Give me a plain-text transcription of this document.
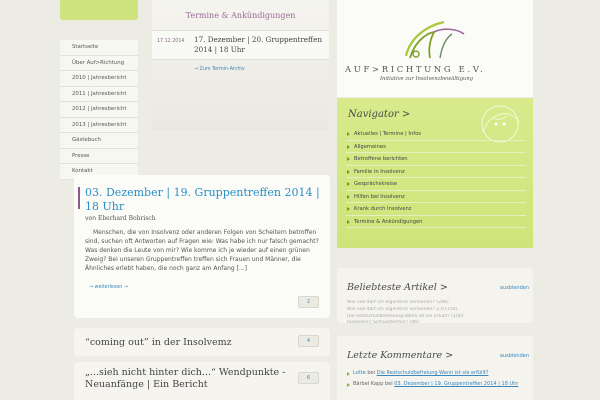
Startseite
Über Auf>Richtung
2010 | Jahresbericht
2011 | Jahresbericht
2012 | Jahresbericht
2013 | Jahresbericht
Gästebuch
Presse
Kontakt
Termine & Ankündigungen
17.12.2014 17. Dezember | 20. Gruppentreffen 2014 | 18 Uhr
→ Zum Termin-Archiv
03. Dezember | 19. Gruppentreffen 2014 | 18 Uhr
von Eberhard Bohrisch

Menschen, die von Insolvenz oder anderen Folgen von Scheitern betroffen sind, suchen oft Antworten auf Fragen wie: Was habe ich nur falsch gemacht? Was denken die Leute von mir? Wie komme ich je wieder auf einen grünen Zweig? Bei unseren Gruppentreffen treffen sich Frauen und Männer, die Ähnliches erlebt haben, die noch ganz am Anfang [...]

→ weiterlesen →
2
“coming out” in der Insolvemz	4
„...sieh nicht hinter dich...“ Wendpunkte - Neuanfänge | Ein Bericht
6
AUF>RICHTUNG E.V.
Initiative zur Insolvenzbewältigung
Navigator >
Aktuelles | Termine | Infos
Allgemeines
Betroffene berichten
Familie in Insolvenz
Gesprächskreise
Hilfen bei Insolvenz
Krank durch Insolvenz
Termine & Ankündigungen
Beliebteste Artikel >	ausblenden
Wie viel darf ich eigentlich verdienen? (286)
Wie viel darf ich eigentlich verdienen? 2.0 (150)
Die Restschuldbefreiung-Wann ist sie erfüllt? (100)
Insolvenz | Schlusstermin? (96)
Letzte Kommentare >	ausblenden
Lotte bei Die Restschuldbefreiung-Wann ist sie erfüllt?
Bärbel Kapp bei 03. Dezember | 19. Gruppentreffen 2014 | 18 Uhr
